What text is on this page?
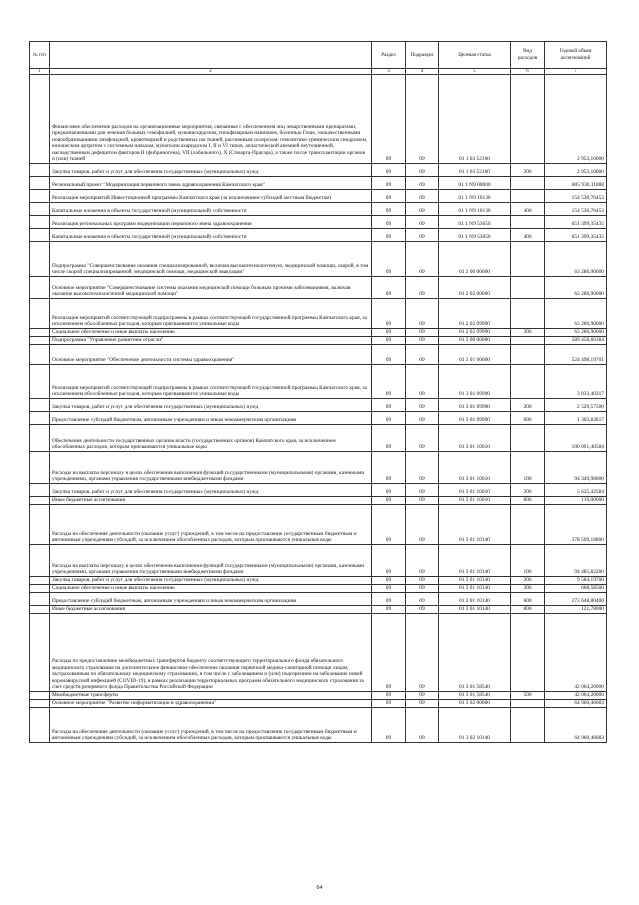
№ п/п		Раздел	Подраздел	Целевая статья	Вид расходов	Годовой объем ассигнований
1	2	3	4	5	6	7
	Финансовое обеспечение расходов на организационные мероприятия, связанные с обеспечением лиц лекарственными препаратами, предназначенными для лечения больных гемофилией, муковисцидозом, гипофизарным нанизмом, болезнью Гоше, злокачественными новообразованиями лимфоидной, кроветворной и родственных им тканей, рассеянным склерозом, гемолитико-уремическим синдромом, юношеским артритом с системным началом, мукополисахаридозом I, II и VI типов, апластической анемией неуточненной, наследственным дефицитом факторов II (фибриногена), VII (лабильного), X (Стюарта-Прауэра), а также после трансплантации органов и (или) тканей	09	09	01 1 03 52160		2 953,10000
	Закупка товаров, работ и услуг для обеспечения государственных (муниципальных) нужд	09	09	01 1 03 52160	200	2 953,10000
	Региональный проект "Модернизация первичного звена здравоохранения Камчатского края"	09	09	01 1 N9 00000		805 930,11888
	Реализация мероприятий Инвестиционной программы Камчатского края (за исключением субсидий местным бюджетам)	09	09	01 1 N9 10130		154 530,76453
	Капитальные вложения в объекты государственной (муниципальной) собственности	09	09	01 1 N9 10130	400	154 530,76453
	Реализация региональных программ модернизации первичного звена здравоохранения	09	09	01 1 N9 53650		651 399,35435
	Капитальные вложения в объекты государственной (муниципальной) собственности	09	09	01 1 N9 53650	400	651 399,35435
	Подпрограмма "Совершенствование оказания специализированной, включая высокотехнологичную, медицинской помощи, скорой, в том числе скорой специализированной, медицинской помощи, медицинской эвакуации"	09	09	01 2 00 00000		63 286,90000
	Основное мероприятие "Совершенствование системы оказания медицинской помощи больным прочими заболеваниями, включая оказание высокотехнологичной медицинской помощи"	09	09	01 2 02 00000		63 286,90000
	Реализация мероприятий соответствующей подпрограммы в рамках соответствующей государственной программы Камчатского края, за исключением обособленных расходов, которым присваиваются уникальные коды	09	09	01 2 02 09990		63 286,90000
	Социальное обеспечение и иные выплаты населению	09	09	01 2 02 09990	300	63 286,90000
	Подпрограмма "Управление развитием отрасли"	09	09	01 3 00 00000		589 458,66384
	Основное мероприятие "Обеспечение деятельности системы здравоохранения"	09	09	01 3 01 00000		524 498,19701
	Реализация мероприятий соответствующей подпрограммы в рамках соответствующей государственной программы Камчатского края, за исключением обособленных расходов, которым присваиваются уникальные коды	09	09	01 3 01 09990		3 833,40317
	Закупка товаров, работ и услуг для обеспечения государственных (муниципальных) нужд	09	09	01 3 01 09990	200	2 529,57500
	Предоставление субсидий бюджетным, автономным учреждениям и иным некоммерческим организациям	09	09	01 3 01 09990	600	1 303,82817
	Обеспечение деятельности государственных органов власти (государственных органов) Камчатского края, за исключением обособленных расходов, которым присваиваются уникальные коды	09	09	01 3 01 10010		100 091,40584
	Расходы на выплаты персоналу в целях обеспечения выполнения функций государственными (муниципальными) органами, казенными учреждениями, органами управления государственными внебюджетными фондами	09	09	01 3 01 10010	100	94 349,98000
	Закупка товаров, работ и услуг для обеспечения государственных (муниципальных) нужд	09	09	01 3 01 10010	200	5 625,42584
	Иные бюджетные ассигнования	09	09	01 3 01 10010	800	116,00000
	Расходы на обеспечение деятельности (оказание услуг) учреждений, в том числе на предоставление государственным бюджетным и автономным учреждениям субсидий, за исключением обособленных расходов, которым присваиваются уникальные коды	09	09	01 3 01 10140		378 509,18800
	Расходы на выплаты персоналу в целях обеспечения выполнения функций государственными (муниципальными) органами, казенными учреждениями, органами управления государственными внебюджетными фондами	09	09	01 3 01 10140	100	94 485,82200
	Закупка товаров, работ и услуг для обеспечения государственных (муниципальных) нужд	09	09	01 3 01 10140	200	9 584,19700
	Социальное обеспечение и иные выплаты населению	09	09	01 3 01 10140	300	668,58500
	Предоставление субсидий бюджетным, автономным учреждениям и иным некоммерческим организациям	09	09	01 3 01 10140	600	273 648,80400
	Иные бюджетные ассигнования	09	09	01 3 01 10140	800	121,78000
	Расходы по предоставлению межбюджетных трансфертов бюджету соответствующего территориального фонда обязательного медицинского страхования на дополнительное финансовое обеспечение оказания первичной медико-санитарной помощи лицам, застрахованным по обязательному медицинскому страхованию, в том числе с заболеванием и (или) подозрением на заболевание новой коронавирусной инфекцией (COVID-19), в рамках реализации территориальных программ обязательного медицинского страхования за счет средств резервного фонда Правительства Российской Федерации	09	09	01 3 01 58540		42 064,20000
	Межбюджетные трансферты	09	09	01 3 01 58540	500	42 064,20000
	Основное мероприятие "Развитие информатизации в здравоохранении"	09	09	01 3 02 00000		64 960,46683
	Расходы на обеспечение деятельности (оказание услуг) учреждений, в том числе на предоставление государственным бюджетным и автономным учреждениям субсидий, за исключением обособленных расходов, которым присваиваются уникальные коды	09	09	01 3 02 10140		64 960,46683
64
